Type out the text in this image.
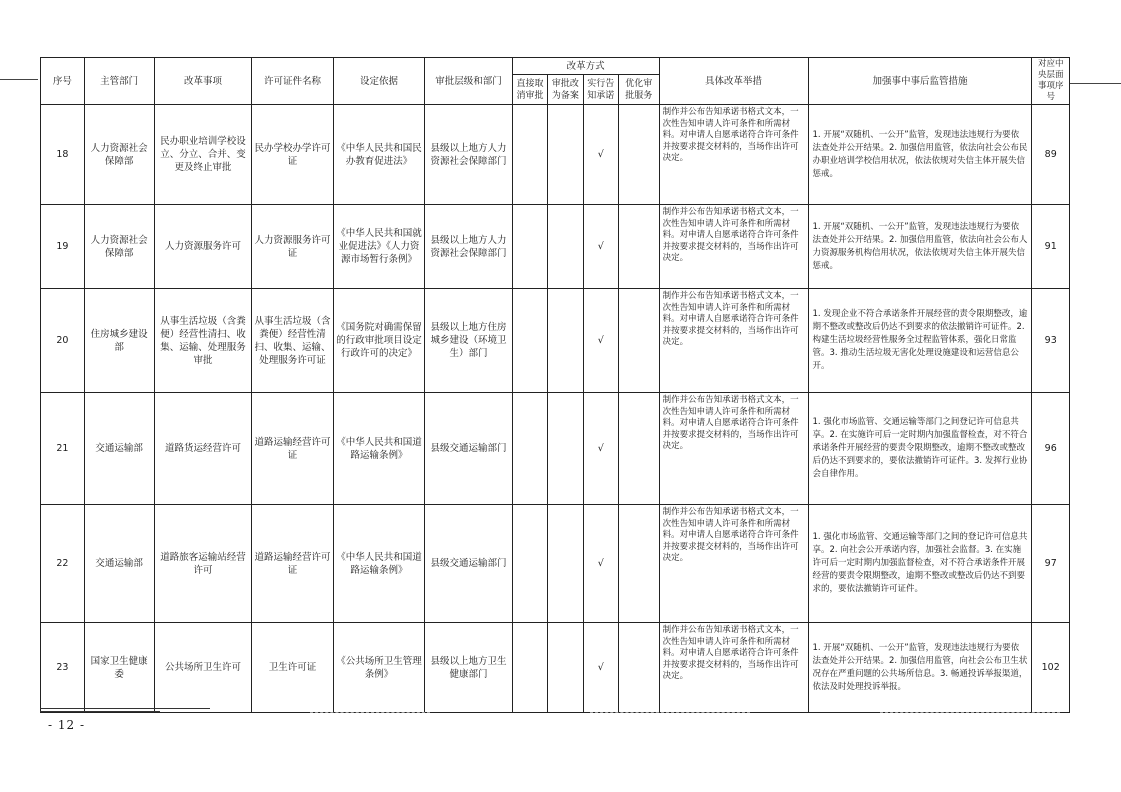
序号	主管部门	改革事项	许可证件名称	设定依据	审批层级和部门	改革方式				具体改革举措	加强事中事后监管措施	对应中央层面事项序号
						直接取消审批	审批改为备案	实行告知承诺	优化审批服务			
18	人力资源社会保障部	民办职业培训学校设立、分立、合并、变更及终止审批	民办学校办学许可证	《中华人民共和国民办教育促进法》	县级以上地方人力资源社会保障部门			√		制作并公布告知承诺书格式文本，一次性告知申请人许可条件和所需材料。对申请人自愿承诺符合许可条件并按要求提交材料的，当场作出许可决定。	1. 开展“双随机、一公开”监管，发现违法违规行为要依法查处并公开结果。2. 加强信用监管，依法向社会公布民办职业培训学校信用状况，依法依规对失信主体开展失信惩戒。	89
19	人力资源社会保障部	人力资源服务许可	人力资源服务许可证	《中华人民共和国就业促进法》《人力资源市场暂行条例》	县级以上地方人力资源社会保障部门			√		制作并公布告知承诺书格式文本，一次性告知申请人许可条件和所需材料。对申请人自愿承诺符合许可条件并按要求提交材料的，当场作出许可决定。	1. 开展“双随机、一公开”监管，发现违法违规行为要依法查处并公开结果。2. 加强信用监管，依法向社会公布人力资源服务机构信用状况，依法依规对失信主体开展失信惩戒。	91
20	住房城乡建设部	从事生活垃圾（含粪便）经营性清扫、收集、运输、处理服务审批	从事生活垃圾（含粪便）经营性清扫、收集、运输、处理服务许可证	《国务院对确需保留的行政审批项目设定行政许可的决定》	县级以上地方住房城乡建设（环境卫生）部门			√		制作并公布告知承诺书格式文本，一次性告知申请人许可条件和所需材料。对申请人自愿承诺符合许可条件并按要求提交材料的，当场作出许可决定。	1. 发现企业不符合承诺条件开展经营的责令限期整改，逾期不整改或整改后仍达不到要求的依法撤销许可证件。2. 构建生活垃圾经营性服务全过程监管体系，强化日常监管。3. 推动生活垃圾无害化处理设施建设和运营信息公开。	93
21	交通运输部	道路货运经营许可	道路运输经营许可证	《中华人民共和国道路运输条例》	县级交通运输部门			√		制作并公布告知承诺书格式文本，一次性告知申请人许可条件和所需材料。对申请人自愿承诺符合许可条件并按要求提交材料的，当场作出许可决定。	1. 强化市场监管、交通运输等部门之间登记许可信息共享。2. 在实施许可后一定时期内加强监督检查，对不符合承诺条件开展经营的要责令限期整改，逾期不整改或整改后仍达不到要求的，要依法撤销许可证件。3. 发挥行业协会自律作用。	96
22	交通运输部	道路旅客运输站经营许可	道路运输经营许可证	《中华人民共和国道路运输条例》	县级交通运输部门			√		制作并公布告知承诺书格式文本，一次性告知申请人许可条件和所需材料。对申请人自愿承诺符合许可条件并按要求提交材料的，当场作出许可决定。	1. 强化市场监管、交通运输等部门之间的登记许可信息共享。2. 向社会公开承诺内容，加强社会监督。3. 在实施许可后一定时期内加强监督检查，对不符合承诺条件开展经营的要责令限期整改，逾期不整改或整改后仍达不到要求的，要依法撤销许可证件。	97
23	国家卫生健康委	公共场所卫生许可	卫生许可证	《公共场所卫生管理条例》	县级以上地方卫生健康部门			√		制作并公布告知承诺书格式文本，一次性告知申请人许可条件和所需材料。对申请人自愿承诺符合许可条件并按要求提交材料的，当场作出许可决定。	1. 开展“双随机、一公开”监管，发现违法违规行为要依法查处并公开结果。2. 加强信用监管，向社会公布卫生状况存在严重问题的公共场所信息。3. 畅通投诉举报渠道，依法及时处理投诉举报。	102
- 12 -
